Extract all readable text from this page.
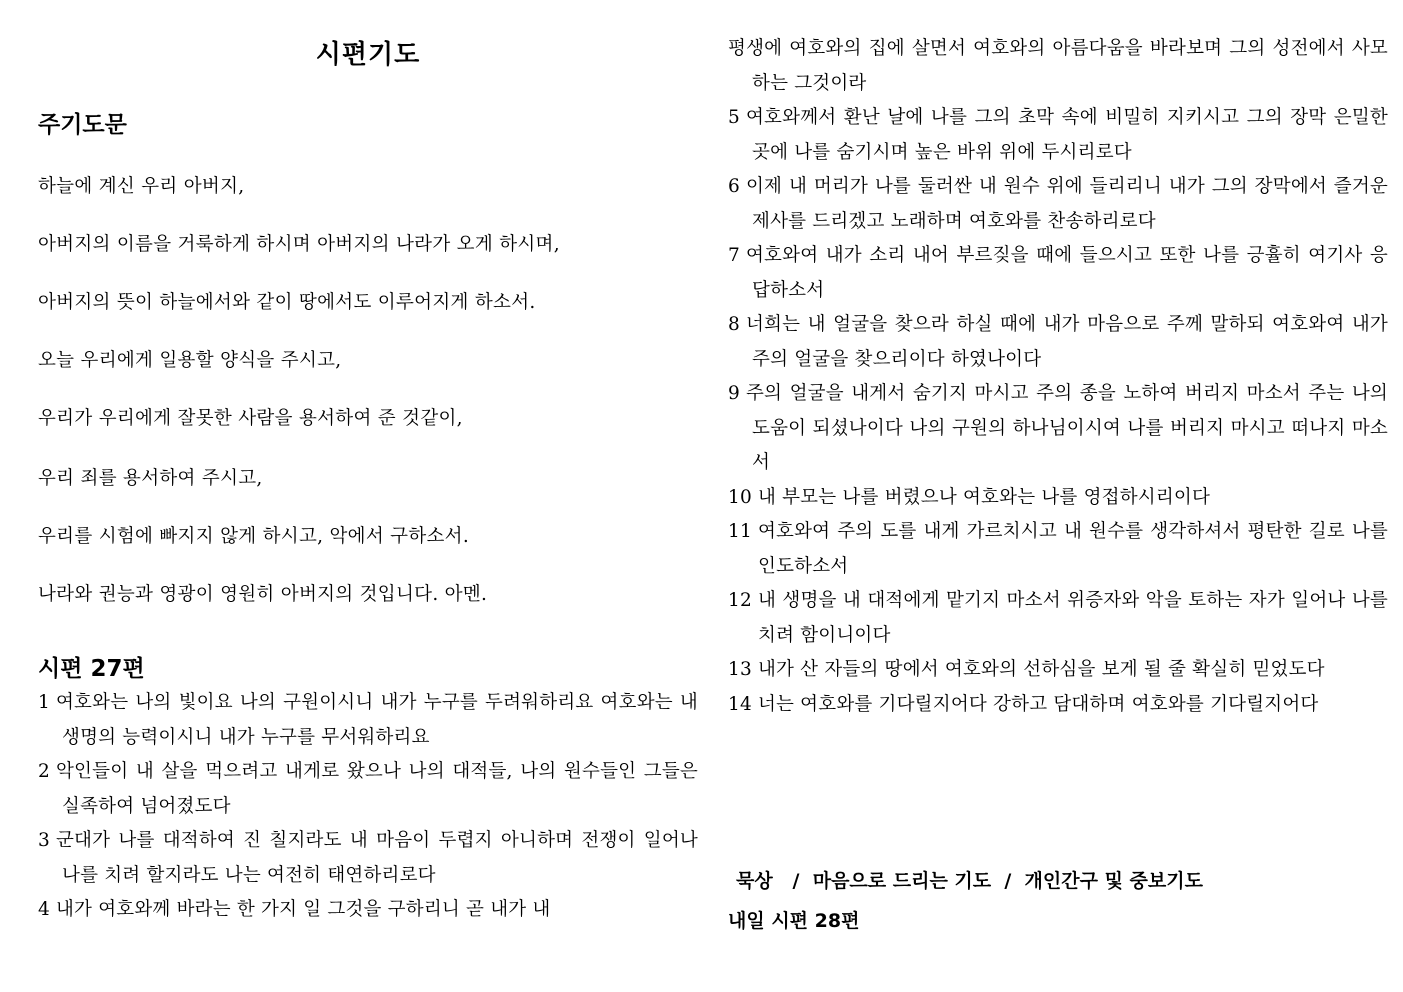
시편기도
주기도문
하늘에 계신 우리 아버지,
아버지의 이름을 거룩하게 하시며 아버지의 나라가 오게 하시며,
아버지의 뜻이 하늘에서와 같이 땅에서도 이루어지게 하소서.
오늘 우리에게 일용할 양식을 주시고,
우리가 우리에게 잘못한 사람을 용서하여 준 것같이,
우리 죄를 용서하여 주시고,
우리를 시험에 빠지지 않게 하시고, 악에서 구하소서.
나라와 권능과 영광이 영원히 아버지의 것입니다. 아멘.
시편 27편
1 여호와는 나의 빛이요 나의 구원이시니 내가 누구를 두려워하리요 여호와는 내 생명의 능력이시니 내가 누구를 무서워하리요
2 악인들이 내 살을 먹으려고 내게로 왔으나 나의 대적들, 나의 원수들인 그들은 실족하여 넘어졌도다
3 군대가 나를 대적하여 진 칠지라도 내 마음이 두렵지 아니하며 전쟁이 일어나 나를 치려 할지라도 나는 여전히 태연하리로다
4 내가 여호와께 바라는 한 가지 일 그것을 구하리니 곧 내가 내
평생에 여호와의 집에 살면서 여호와의 아름다움을 바라보며 그의 성전에서 사모하는 그것이라
5 여호와께서 환난 날에 나를 그의 초막 속에 비밀히 지키시고 그의 장막 은밀한 곳에 나를 숨기시며 높은 바위 위에 두시리로다
6 이제 내 머리가 나를 둘러싼 내 원수 위에 들리리니 내가 그의 장막에서 즐거운 제사를 드리겠고 노래하며 여호와를 찬송하리로다
7 여호와여 내가 소리 내어 부르짖을 때에 들으시고 또한 나를 긍휼히 여기사 응답하소서
8 너희는 내 얼굴을 찾으라 하실 때에 내가 마음으로 주께 말하되 여호와여 내가 주의 얼굴을 찾으리이다 하였나이다
9 주의 얼굴을 내게서 숨기지 마시고 주의 종을 노하여 버리지 마소서 주는 나의 도움이 되셨나이다 나의 구원의 하나님이시여 나를 버리지 마시고 떠나지 마소서
10 내 부모는 나를 버렸으나 여호와는 나를 영접하시리이다
11 여호와여 주의 도를 내게 가르치시고 내 원수를 생각하셔서 평탄한 길로 나를 인도하소서
12 내 생명을 내 대적에게 맡기지 마소서 위증자와 악을 토하는 자가 일어나 나를 치려 함이니이다
13 내가 산 자들의 땅에서 여호와의 선하심을 보게 될 줄 확실히 믿었도다
14 너는 여호와를 기다릴지어다 강하고 담대하며 여호와를 기다릴지어다
묵상   /  마음으로 드리는 기도  /  개인간구 및 중보기도
내일 시편 28편
